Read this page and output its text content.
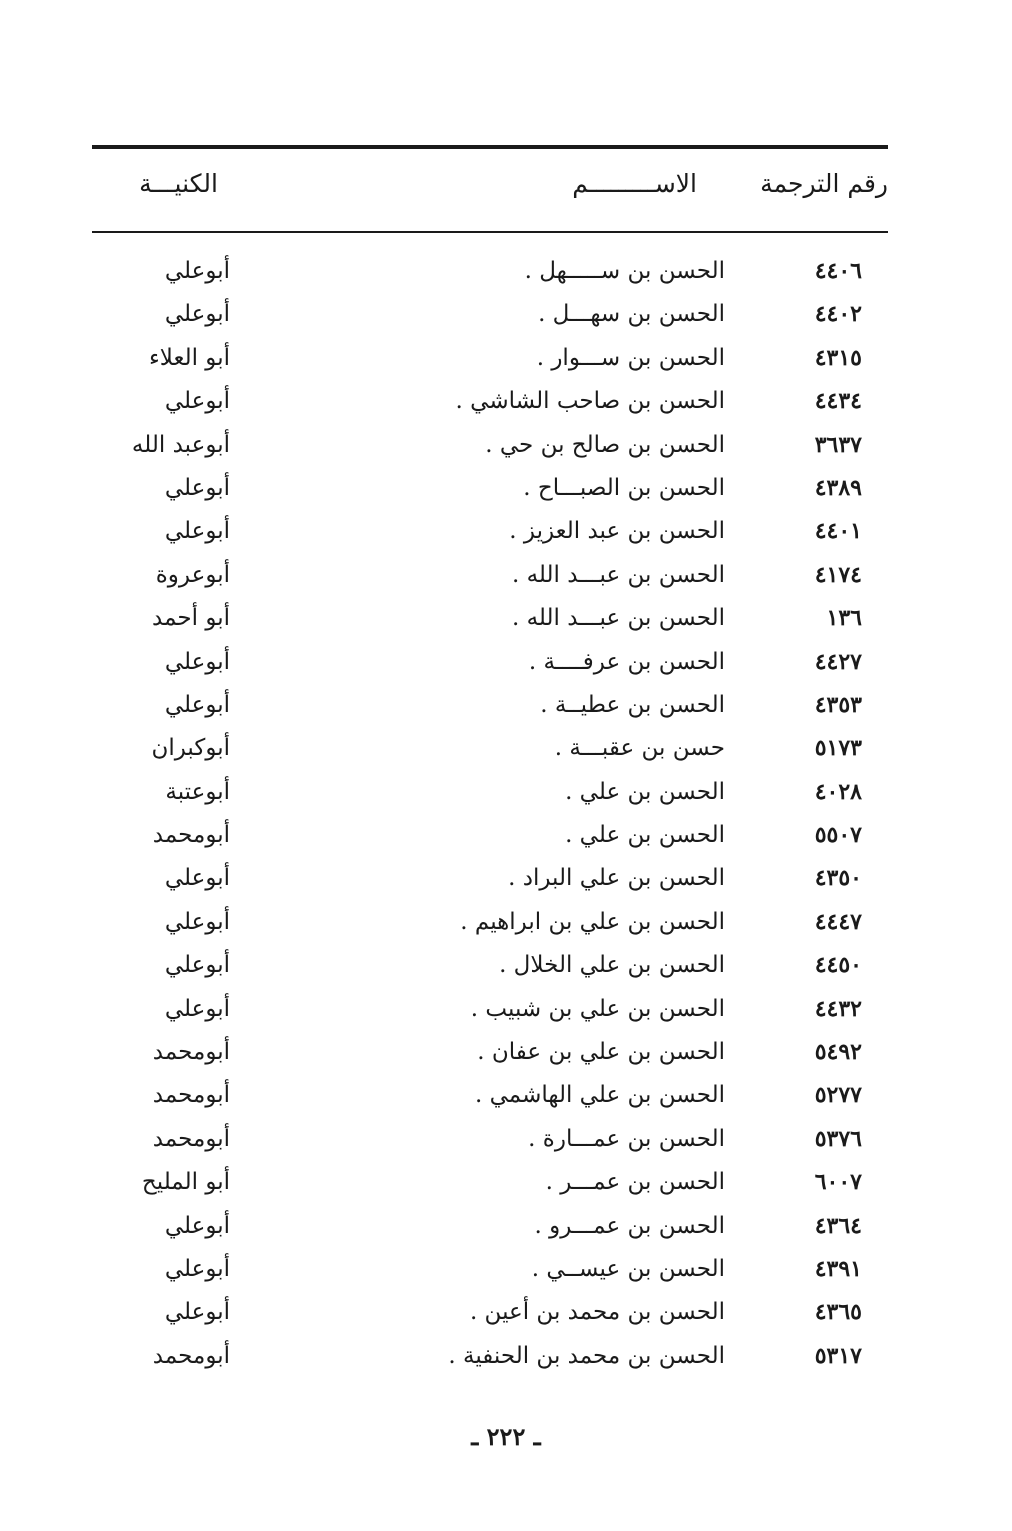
رقم الترجمة
الاســـــــــم
الكنيـــة
٤٤٠٦
الحسن بن ســـــهل .
أبوعلي
٤٤٠٢
الحسن بن سهـــل .
أبوعلي
٤٣١٥
الحسن بن ســـوار .
أبو العلاء
٤٤٣٤
الحسن بن صاحب الشاشي .
أبوعلي
٣٦٣٧
الحسن بن صالح بن حي .
أبوعبد الله
٤٣٨٩
الحسن بن الصبـــاح .
أبوعلي
٤٤٠١
الحسن بن عبد العزيز .
أبوعلي
٤١٧٤
الحسن بن عبـــد الله .
أبوعروة
١٣٦
الحسن بن عبـــد الله .
أبو أحمد
٤٤٢٧
الحسن بن عرفــــة .
أبوعلي
٤٣٥٣
الحسن بن عطيــة .
أبوعلي
٥١٧٣
حسن بن عقبـــة .
أبوكبران
٤٠٢٨
الحسن بن علي .
أبوعتبة
٥٥٠٧
الحسن بن علي .
أبومحمد
٤٣٥٠
الحسن بن علي البراد .
أبوعلي
٤٤٤٧
الحسن بن علي بن ابراهيم .
أبوعلي
٤٤٥٠
الحسن بن علي الخلال .
أبوعلي
٤٤٣٢
الحسن بن علي بن شبيب .
أبوعلي
٥٤٩٢
الحسن بن علي بن عفان .
أبومحمد
٥٢٧٧
الحسن بن علي الهاشمي .
أبومحمد
٥٣٧٦
الحسن بن عمـــارة .
أبومحمد
٦٠٠٧
الحسن بن عمـــر .
أبو المليح
٤٣٦٤
الحسن بن عمـــرو .
أبوعلي
٤٣٩١
الحسن بن عيســي .
أبوعلي
٤٣٦٥
الحسن بن محمد بن أعين .
أبوعلي
٥٣١٧
الحسن بن محمد بن الحنفية .
أبومحمد
ـ ٢٢٢ ـ
